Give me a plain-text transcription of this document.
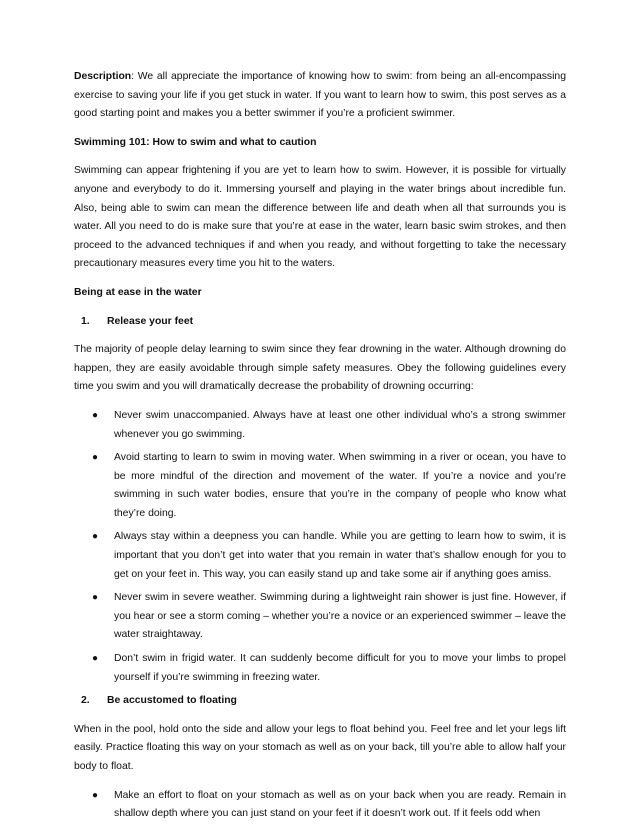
Description: We all appreciate the importance of knowing how to swim: from being an all-encompassing exercise to saving your life if you get stuck in water. If you want to learn how to swim, this post serves as a good starting point and makes you a better swimmer if you’re a proficient swimmer.

Swimming 101: How to swim and what to caution

Swimming can appear frightening if you are yet to learn how to swim. However, it is possible for virtually anyone and everybody to do it. Immersing yourself and playing in the water brings about incredible fun. Also, being able to swim can mean the difference between life and death when all that surrounds you is water. All you need to do is make sure that you’re at ease in the water, learn basic swim strokes, and then proceed to the advanced techniques if and when you ready, and without forgetting to take the necessary precautionary measures every time you hit to the waters.

Being at ease in the water

1.	Release your feet

The majority of people delay learning to swim since they fear drowning in the water. Although drowning do happen, they are easily avoidable through simple safety measures. Obey the following guidelines every time you swim and you will dramatically decrease the probability of drowning occurring:

● Never swim unaccompanied. Always have at least one other individual who’s a strong swimmer whenever you go swimming.
● Avoid starting to learn to swim in moving water. When swimming in a river or ocean, you have to be more mindful of the direction and movement of the water. If you’re a novice and you’re swimming in such water bodies, ensure that you’re in the company of people who know what they’re doing.
● Always stay within a deepness you can handle. While you are getting to learn how to swim, it is important that you don’t get into water that you remain in water that’s shallow enough for you to get on your feet in. This way, you can easily stand up and take some air if anything goes amiss.
● Never swim in severe weather. Swimming during a lightweight rain shower is just fine. However, if you hear or see a storm coming – whether you’re a novice or an experienced swimmer – leave the water straightaway.
● Don’t swim in frigid water. It can suddenly become difficult for you to move your limbs to propel yourself if you’re swimming in freezing water.
2.	Be accustomed to floating

When in the pool, hold onto the side and allow your legs to float behind you. Feel free and let your legs lift easily. Practice floating this way on your stomach as well as on your back, till you’re able to allow half your body to float.

● Make an effort to float on your stomach as well as on your back when you are ready. Remain in shallow depth where you can just stand on your feet if it doesn’t work out. If it feels odd when
